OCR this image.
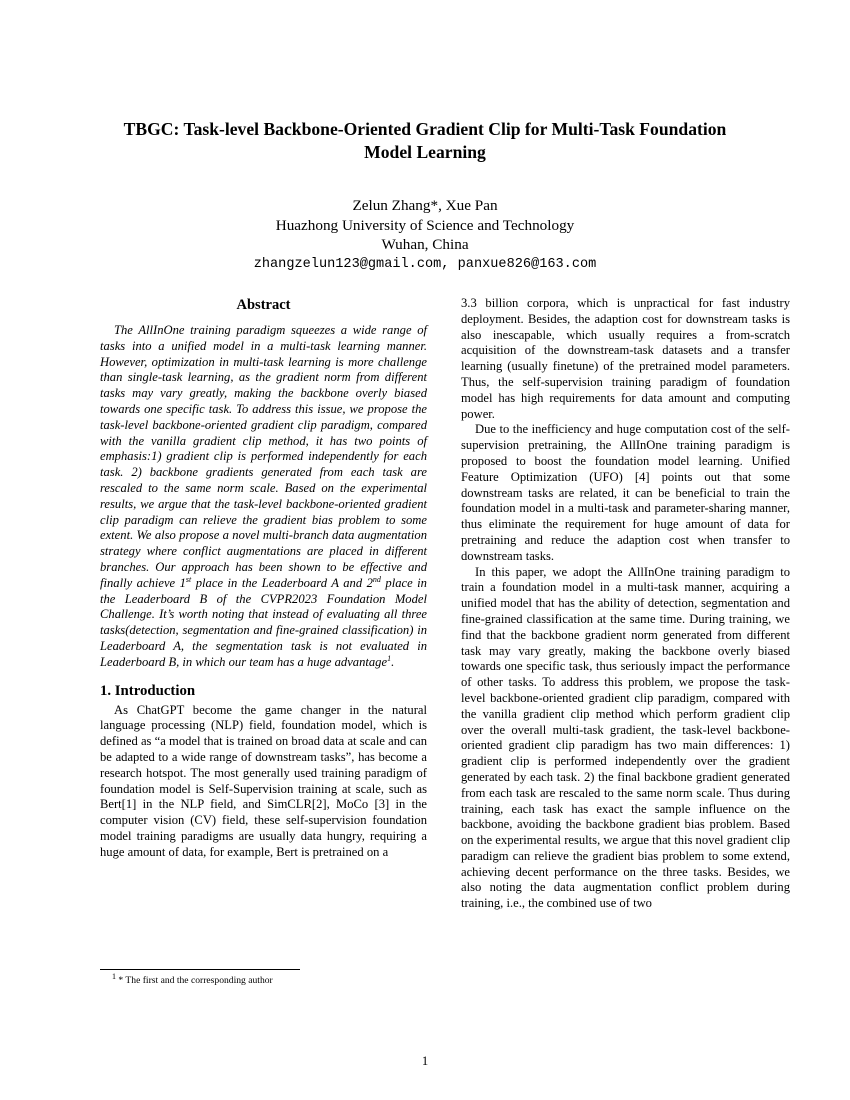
TBGC: Task-level Backbone-Oriented Gradient Clip for Multi-Task Foundation
Model Learning
Zelun Zhang*, Xue Pan
Huazhong University of Science and Technology
Wuhan, China
zhangzelun123@gmail.com, panxue826@163.com
Abstract

The AllInOne training paradigm squeezes a wide range of tasks into a unified model in a multi-task learning manner. However, optimization in multi-task learning is more challenge than single-task learning, as the gradient norm from different tasks may vary greatly, making the backbone overly biased towards one specific task. To address this issue, we propose the task-level backbone-oriented gradient clip paradigm, compared with the vanilla gradient clip method, it has two points of emphasis:1) gradient clip is performed independently for each task. 2) backbone gradients generated from each task are rescaled to the same norm scale. Based on the experimental results, we argue that the task-level backbone-oriented gradient clip paradigm can relieve the gradient bias problem to some extent. We also propose a novel multi-branch data augmentation strategy where conflict augmentations are placed in different branches. Our approach has been shown to be effective and finally achieve 1st place in the Leaderboard A and 2nd place in the Leaderboard B of the CVPR2023 Foundation Model Challenge. It’s worth noting that instead of evaluating all three tasks(detection, segmentation and fine-grained classification) in Leaderboard A, the segmentation task is not evaluated in Leaderboard B, in which our team has a huge advantage$^1$.

1. Introduction

As ChatGPT become the game changer in the natural language processing (NLP) field, foundation model, which is defined as “a model that is trained on broad data at scale and can be adapted to a wide range of downstream tasks”, has become a research hotspot. The most generally used training paradigm of foundation model is Self-Supervision training at scale, such as Bert[1] in the NLP field, and SimCLR[2], MoCo [3] in the computer vision (CV) field, these self-supervision foundation model training paradigms are usually data hungry, requiring a huge amount of data, for example, Bert is pretrained on a

3.3 billion corpora, which is unpractical for fast industry deployment. Besides, the adaption cost for downstream tasks is also inescapable, which usually requires a from-scratch acquisition of the downstream-task datasets and a transfer learning (usually finetune) of the pretrained model parameters. Thus, the self-supervision training paradigm of foundation model has high requirements for data amount and computing power.

Due to the inefficiency and huge computation cost of the self-supervision pretraining, the AllInOne training paradigm is proposed to boost the foundation model learning. Unified Feature Optimization (UFO) [4] points out that some downstream tasks are related, it can be beneficial to train the foundation model in a multi-task and parameter-sharing manner, thus eliminate the requirement for huge amount of data for pretraining and reduce the adaption cost when transfer to downstream tasks.

In this paper, we adopt the AllInOne training paradigm to train a foundation model in a multi-task manner, acquiring a unified model that has the ability of detection, segmentation and fine-grained classification at the same time. During training, we find that the backbone gradient norm generated from different task may vary greatly, making the backbone overly biased towards one specific task, thus seriously impact the performance of other tasks. To address this problem, we propose the task-level backbone-oriented gradient clip paradigm, compared with the vanilla gradient clip method which perform gradient clip over the overall multi-task gradient, the task-level backbone-oriented gradient clip paradigm has two main differences: 1) gradient clip is performed independently over the gradient generated by each task. 2) the final backbone gradient generated from each task are rescaled to the same norm scale. Thus during training, each task has exact the sample influence on the backbone, avoiding the backbone gradient bias problem. Based on the experimental results, we argue that this novel gradient clip paradigm can relieve the gradient bias problem to some extend, achieving decent performance on the three tasks. Besides, we also noting the data augmentation conflict problem during training, i.e., the combined use of two

$^1$ * The first and the corresponding author
1
